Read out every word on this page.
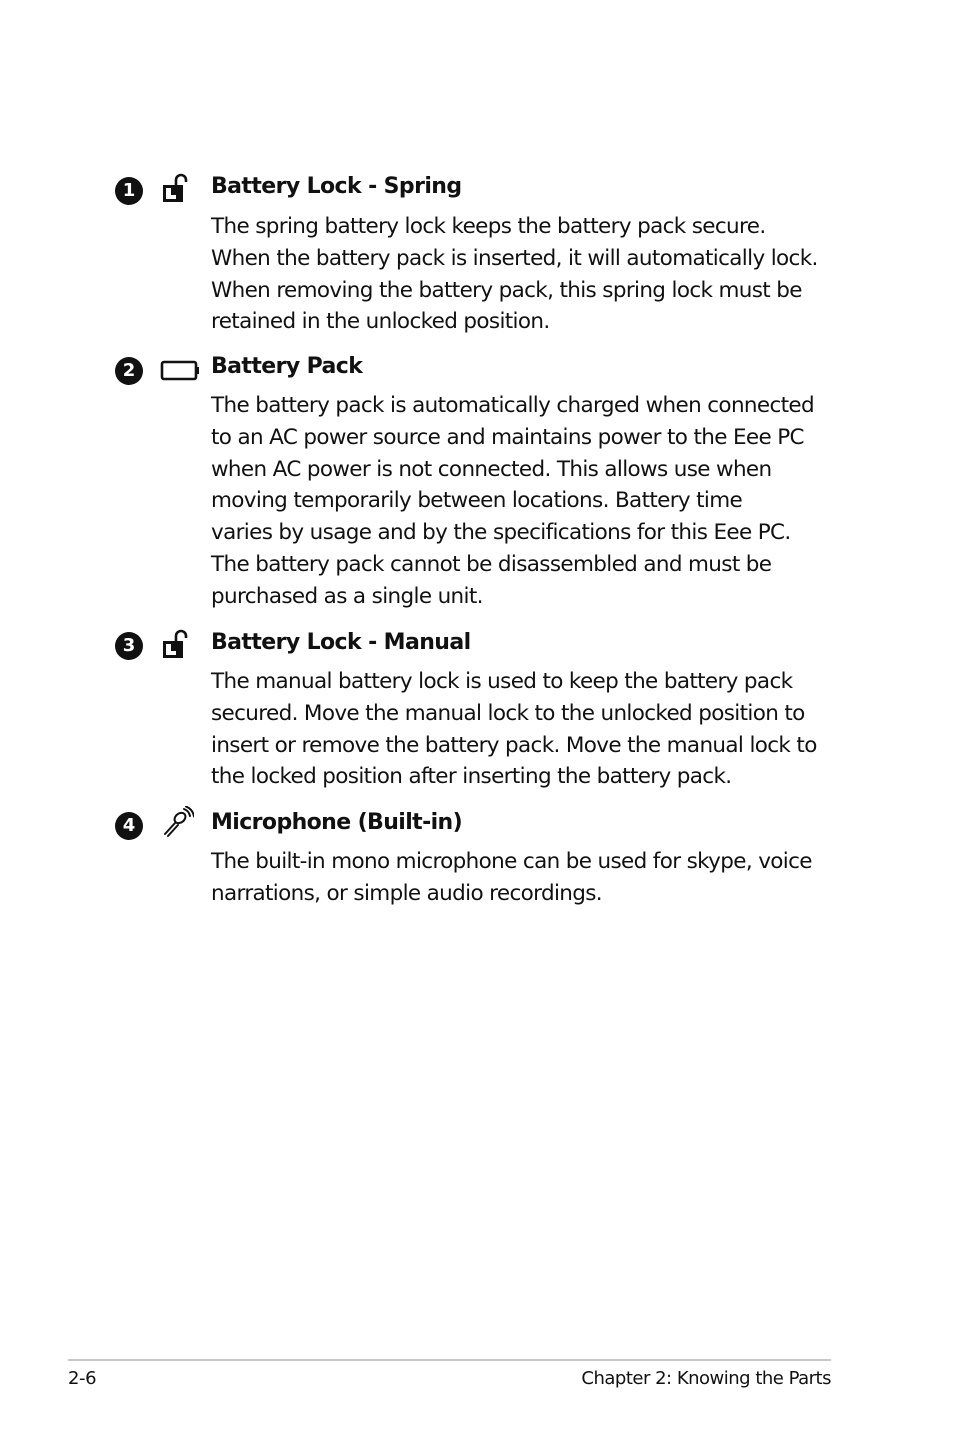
1	Battery Lock - Spring
The spring battery lock keeps the battery pack secure.
When the battery pack is inserted, it will automatically lock.
When removing the battery pack, this spring lock must be
retained in the unlocked position.
2	Battery Pack
The battery pack is automatically charged when connected
to an AC power source and maintains power to the Eee PC
when AC power is not connected. This allows use when
moving temporarily between locations. Battery time
varies by usage and by the specifications for this Eee PC.
The battery pack cannot be disassembled and must be
purchased as a single unit.
3	Battery Lock - Manual
The manual battery lock is used to keep the battery pack
secured. Move the manual lock to the unlocked position to
insert or remove the battery pack. Move the manual lock to
the locked position after inserting the battery pack.
4	Microphone (Built-in)
The built-in mono microphone can be used for skype, voice
narrations, or simple audio recordings.
2-6	Chapter 2: Knowing the Parts
